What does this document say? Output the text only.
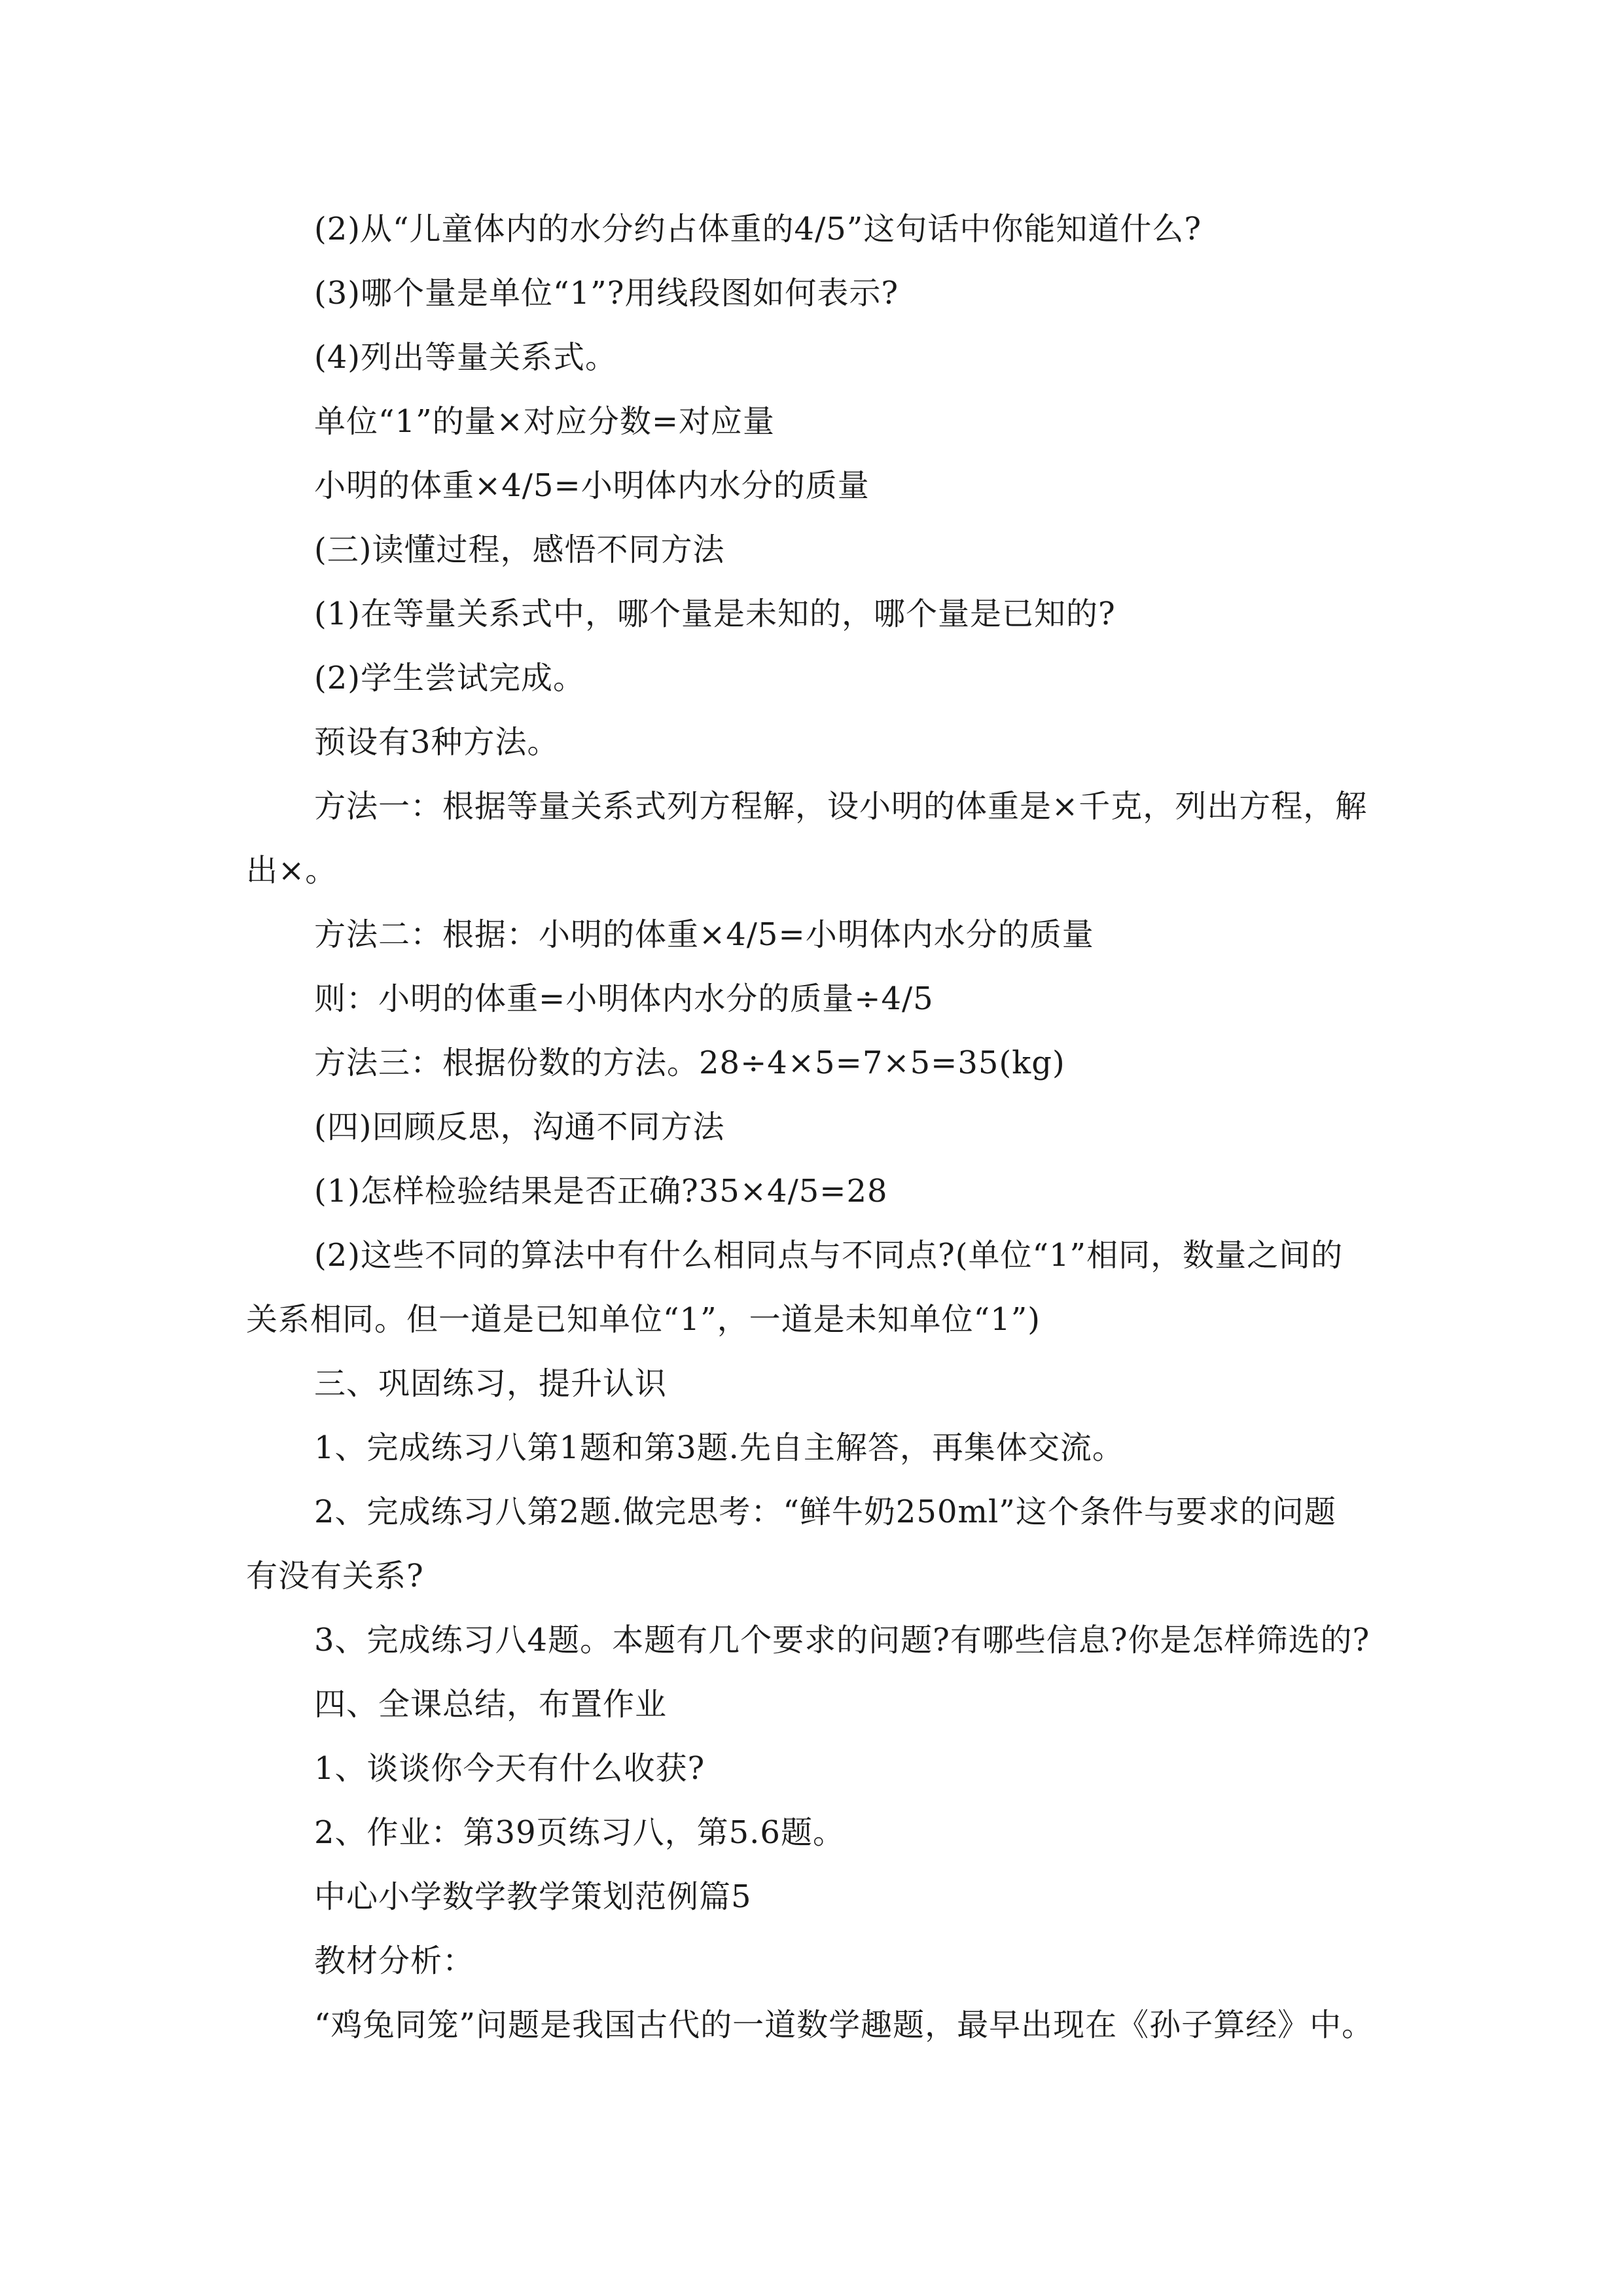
(2)从“儿童体内的水分约占体重的4/5”这句话中你能知道什么?
(3)哪个量是单位“1”?用线段图如何表示?
(4)列出等量关系式。
单位“1”的量×对应分数=对应量
小明的体重×4/5=小明体内水分的质量
(三)读懂过程，感悟不同方法
(1)在等量关系式中，哪个量是未知的，哪个量是已知的?
(2)学生尝试完成。
预设有3种方法。
方法一：根据等量关系式列方程解，设小明的体重是×千克，列出方程，解
出×。
方法二：根据：小明的体重×4/5=小明体内水分的质量
则：小明的体重=小明体内水分的质量÷4/5
方法三：根据份数的方法。28÷4×5=7×5=35(kg)
(四)回顾反思，沟通不同方法
(1)怎样检验结果是否正确?35×4/5=28
(2)这些不同的算法中有什么相同点与不同点?(单位“1”相同，数量之间的
关系相同。但一道是已知单位“1”，一道是未知单位“1”)
三、巩固练习，提升认识
1、完成练习八第1题和第3题.先自主解答，再集体交流。
2、完成练习八第2题.做完思考：“鲜牛奶250ml”这个条件与要求的问题
有没有关系?
3、完成练习八4题。本题有几个要求的问题?有哪些信息?你是怎样筛选的?
四、全课总结，布置作业
1、谈谈你今天有什么收获?
2、作业：第39页练习八，第5.6题。
中心小学数学教学策划范例篇5
教材分析：
“鸡兔同笼”问题是我国古代的一道数学趣题，最早出现在《孙子算经》中。
